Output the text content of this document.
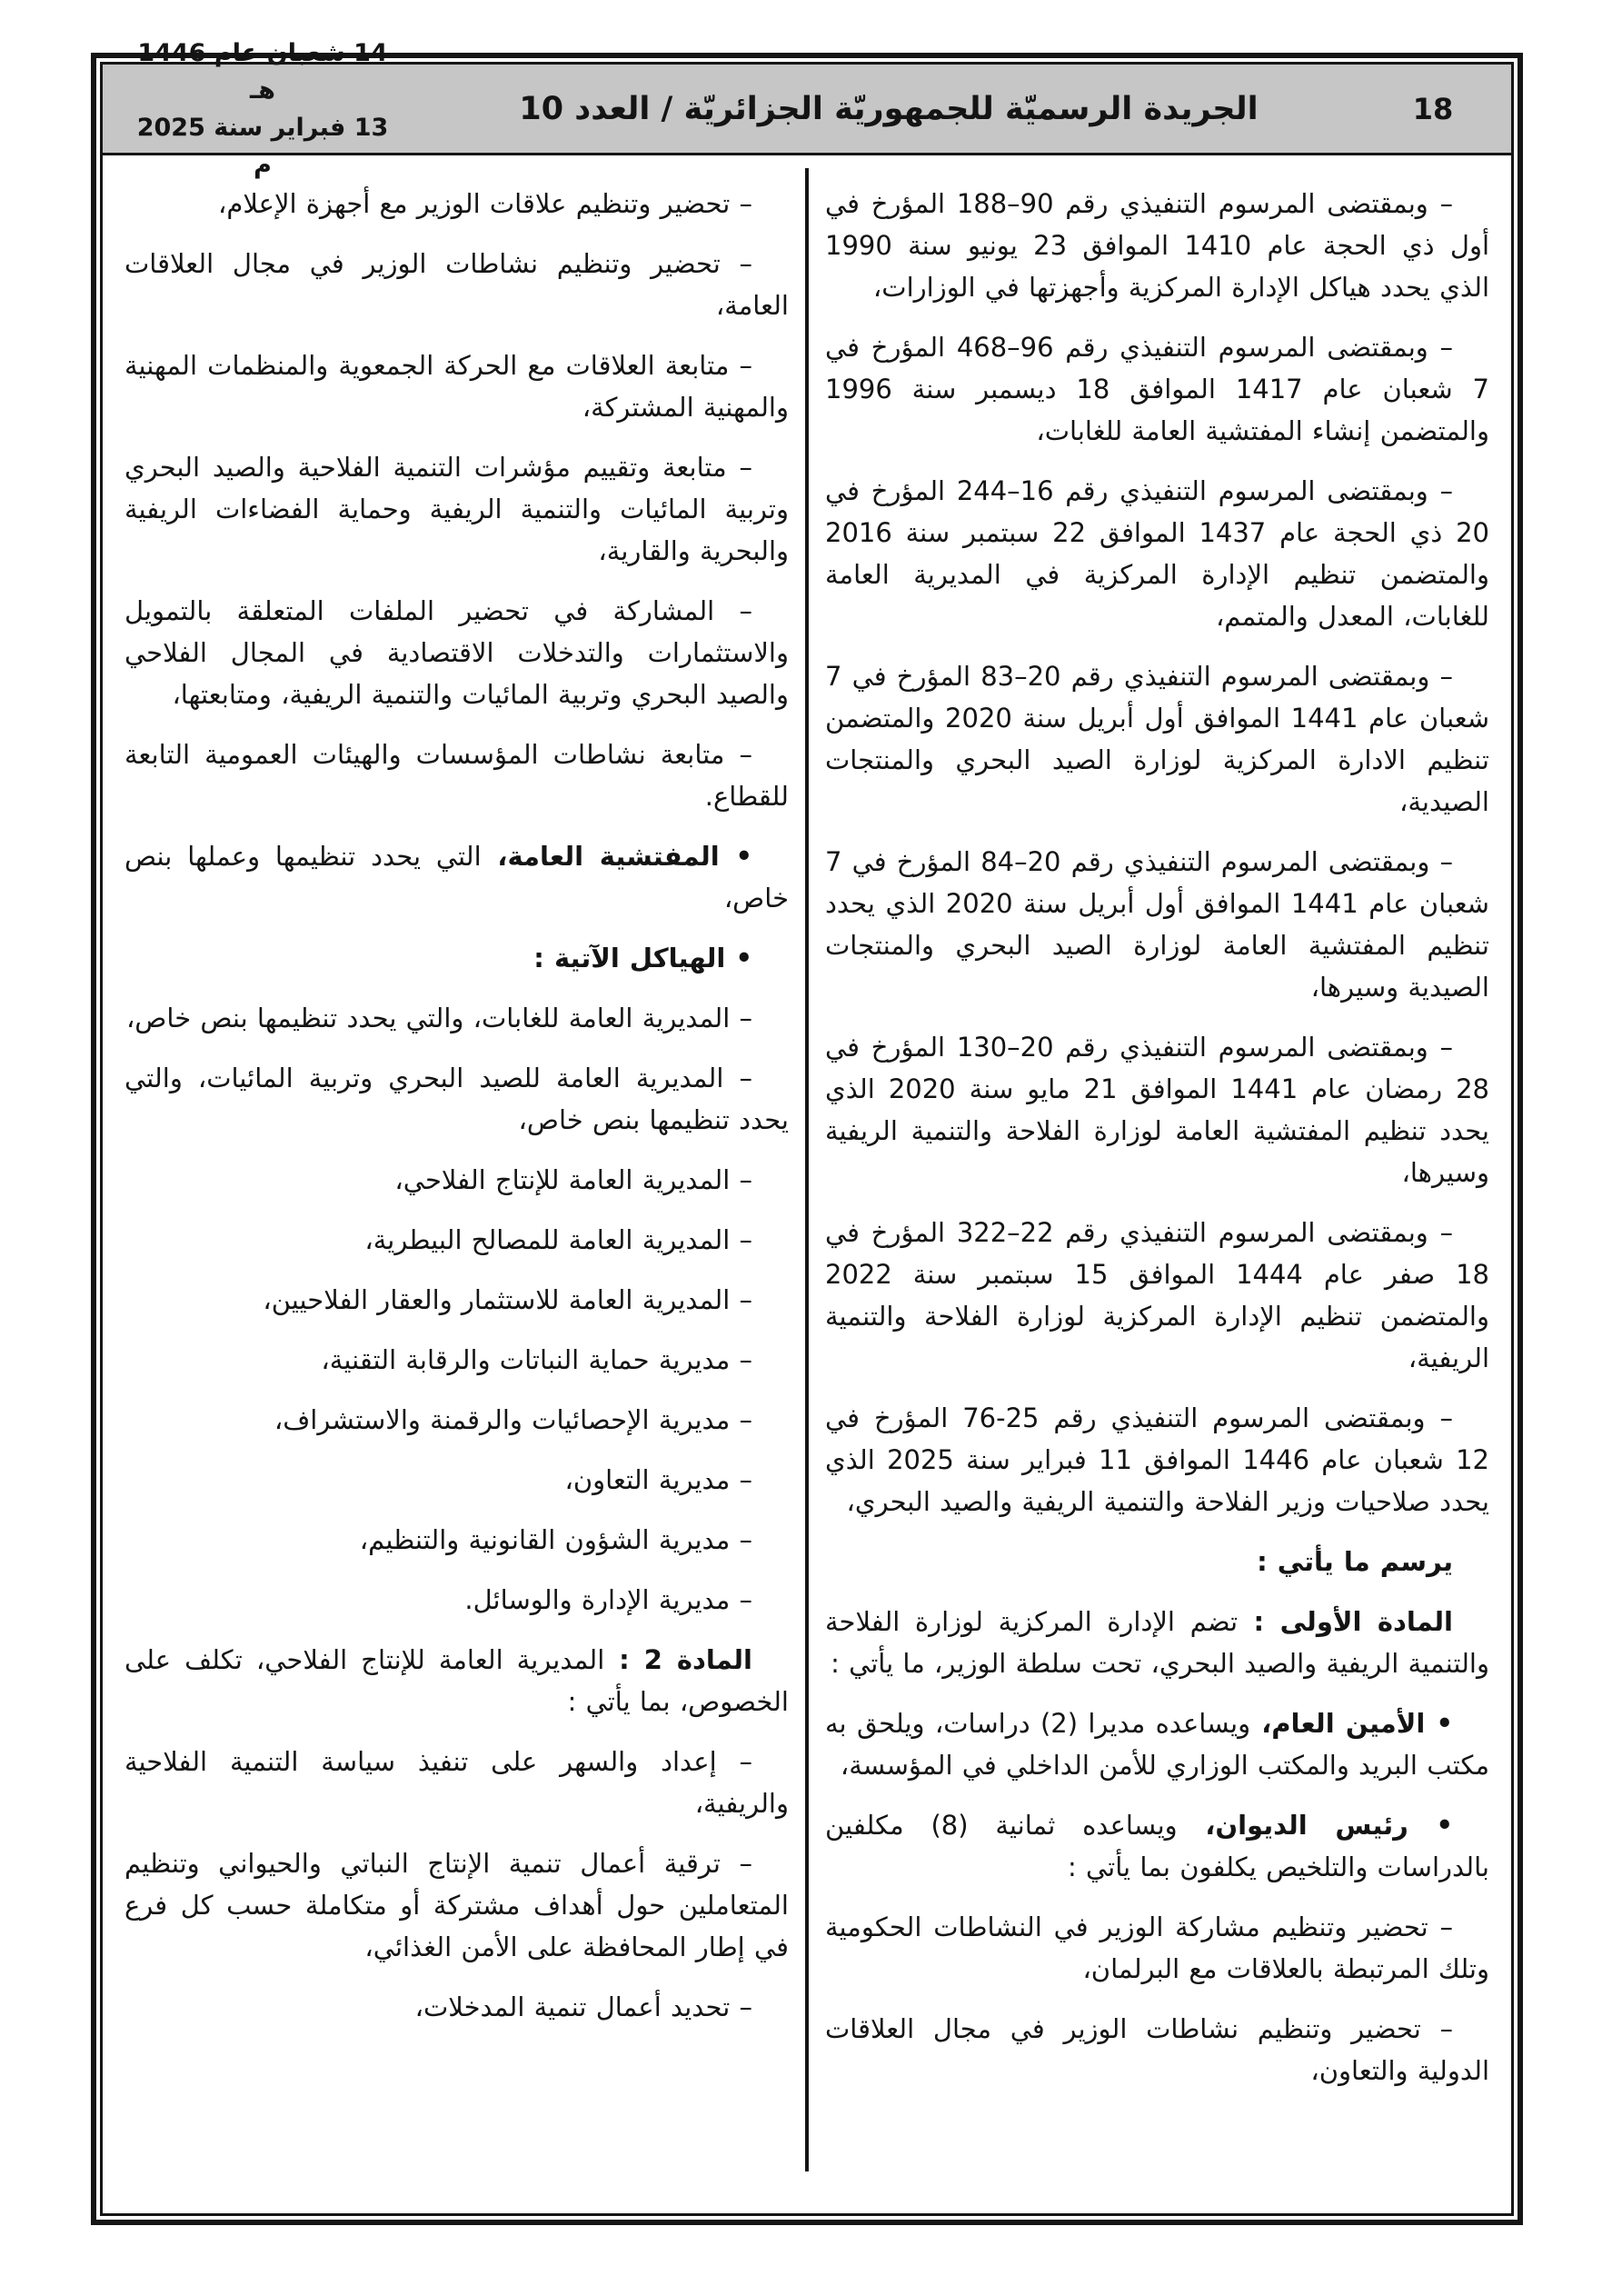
18
الجريدة الرسميّة للجمهوريّة الجزائريّة / العدد 10
14 شعبان عام 1446 هـ
13 فبراير سنة 2025 م

– وبمقتضى المرسوم التنفيذي رقم 90–188 المؤرخ في أول ذي الحجة عام 1410 الموافق 23 يونيو سنة 1990 الذي يحدد هياكل الإدارة المركزية وأجهزتها في الوزارات،

– وبمقتضى المرسوم التنفيذي رقم 96–468 المؤرخ في 7 شعبان عام 1417 الموافق 18 ديسمبر سنة 1996 والمتضمن إنشاء المفتشية العامة للغابات،

– وبمقتضى المرسوم التنفيذي رقم 16–244 المؤرخ في 20 ذي الحجة عام 1437 الموافق 22 سبتمبر سنة 2016 والمتضمن تنظيم الإدارة المركزية في المديرية العامة للغابات، المعدل والمتمم،

– وبمقتضى المرسوم التنفيذي رقم 20–83 المؤرخ في 7 شعبان عام 1441 الموافق أول أبريل سنة 2020 والمتضمن تنظيم الادارة المركزية لوزارة الصيد البحري والمنتجات الصيدية،

– وبمقتضى المرسوم التنفيذي رقم 20–84 المؤرخ في 7 شعبان عام 1441 الموافق أول أبريل سنة 2020 الذي يحدد تنظيم المفتشية العامة لوزارة الصيد البحري والمنتجات الصيدية وسيرها،

– وبمقتضى المرسوم التنفيذي رقم 20–130 المؤرخ في 28 رمضان عام 1441 الموافق 21 مايو سنة 2020 الذي يحدد تنظيم المفتشية العامة لوزارة الفلاحة والتنمية الريفية وسيرها،

– وبمقتضى المرسوم التنفيذي رقم 22–322 المؤرخ في 18 صفر عام 1444 الموافق 15 سبتمبر سنة 2022 والمتضمن تنظيم الإدارة المركزية لوزارة الفلاحة والتنمية الريفية،

– وبمقتضى المرسوم التنفيذي رقم 25-76 المؤرخ في 12 شعبان عام 1446 الموافق 11 فبراير سنة 2025 الذي يحدد صلاحيات وزير الفلاحة والتنمية الريفية والصيد البحري،

يرسم ما يأتي :

المادة الأولى : تضم الإدارة المركزية لوزارة الفلاحة والتنمية الريفية والصيد البحري، تحت سلطة الوزير، ما يأتي :

• الأمين العام، ويساعده مديرا (2) دراسات، ويلحق به مكتب البريد والمكتب الوزاري للأمن الداخلي في المؤسسة،

• رئيس الديوان، ويساعده ثمانية (8) مكلفين بالدراسات والتلخيص يكلفون بما يأتي :

– تحضير وتنظيم مشاركة الوزير في النشاطات الحكومية وتلك المرتبطة بالعلاقات مع البرلمان،

– تحضير وتنظيم نشاطات الوزير في مجال العلاقات الدولية والتعاون،

– تحضير وتنظيم علاقات الوزير مع أجهزة الإعلام،

– تحضير وتنظيم نشاطات الوزير في مجال العلاقات العامة،

– متابعة العلاقات مع الحركة الجمعوية والمنظمات المهنية والمهنية المشتركة،

– متابعة وتقييم مؤشرات التنمية الفلاحية والصيد البحري وتربية المائيات والتنمية الريفية وحماية الفضاءات الريفية والبحرية والقارية،

– المشاركة في تحضير الملفات المتعلقة بالتمويل والاستثمارات والتدخلات الاقتصادية في المجال الفلاحي والصيد البحري وتربية المائيات والتنمية الريفية، ومتابعتها،

– متابعة نشاطات المؤسسات والهيئات العمومية التابعة للقطاع.

• المفتشية العامة، التي يحدد تنظيمها وعملها بنص خاص،

• الهياكل الآتية :

– المديرية العامة للغابات، والتي يحدد تنظيمها بنص خاص،

– المديرية العامة للصيد البحري وتربية المائيات، والتي يحدد تنظيمها بنص خاص،

– المديرية العامة للإنتاج الفلاحي،

– المديرية العامة للمصالح البيطرية،

– المديرية العامة للاستثمار والعقار الفلاحيين،

– مديرية حماية النباتات والرقابة التقنية،

– مديرية الإحصائيات والرقمنة والاستشراف،

– مديرية التعاون،

– مديرية الشؤون القانونية والتنظيم،

– مديرية الإدارة والوسائل.

المادة 2 : المديرية العامة للإنتاج الفلاحي، تكلف على الخصوص، بما يأتي :

– إعداد والسهر على تنفيذ سياسة التنمية الفلاحية والريفية،

– ترقية أعمال تنمية الإنتاج النباتي والحيواني وتنظيم المتعاملين حول أهداف مشتركة أو متكاملة حسب كل فرع في إطار المحافظة على الأمن الغذائي،

– تحديد أعمال تنمية المدخلات،
